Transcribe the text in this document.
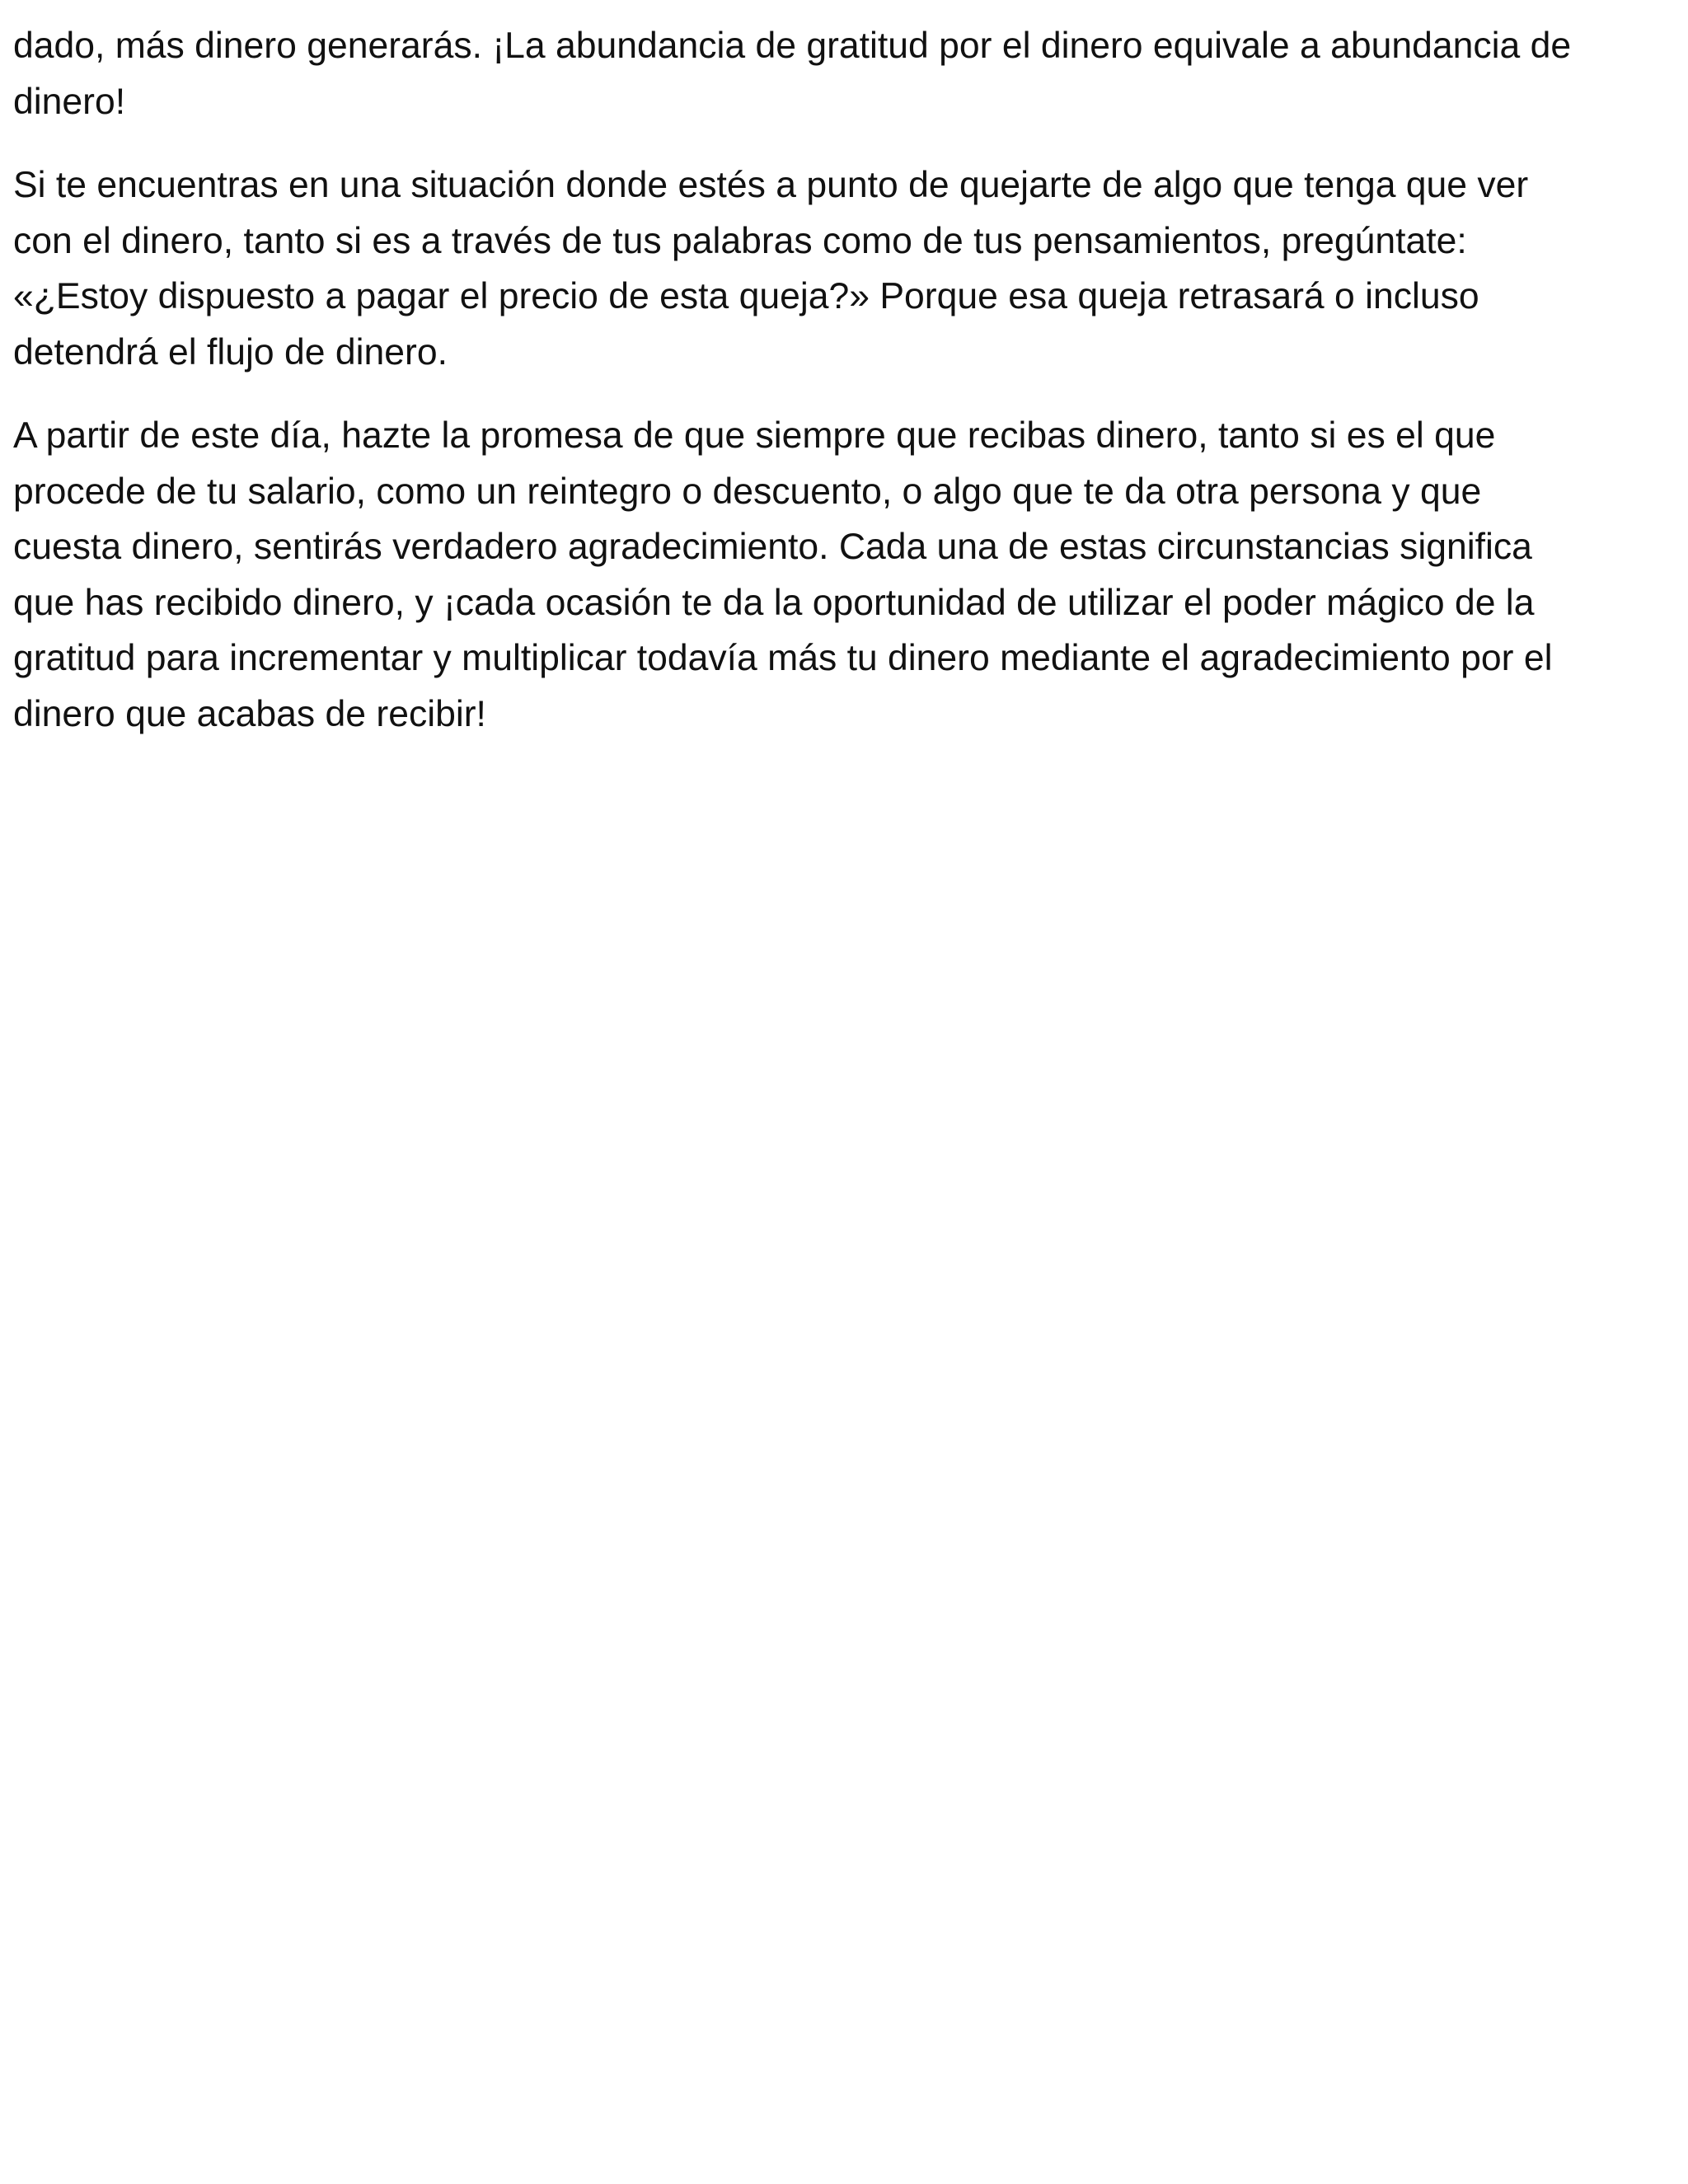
dado, más dinero generarás. ¡La abundancia de gratitud por el dinero equivale a abundancia de
dinero!

Si te encuentras en una situación donde estés a punto de quejarte de algo que tenga que ver
con el dinero, tanto si es a través de tus palabras como de tus pensamientos, pregúntate:
«¿Estoy dispuesto a pagar el precio de esta queja?» Porque esa queja retrasará o incluso
detendrá el flujo de dinero.

A partir de este día, hazte la promesa de que siempre que recibas dinero, tanto si es el que
procede de tu salario, como un reintegro o descuento, o algo que te da otra persona y que
cuesta dinero, sentirás verdadero agradecimiento. Cada una de estas circunstancias significa
que has recibido dinero, y ¡cada ocasión te da la oportunidad de utilizar el poder mágico de la
gratitud para incrementar y multiplicar todavía más tu dinero mediante el agradecimiento por el
dinero que acabas de recibir!
